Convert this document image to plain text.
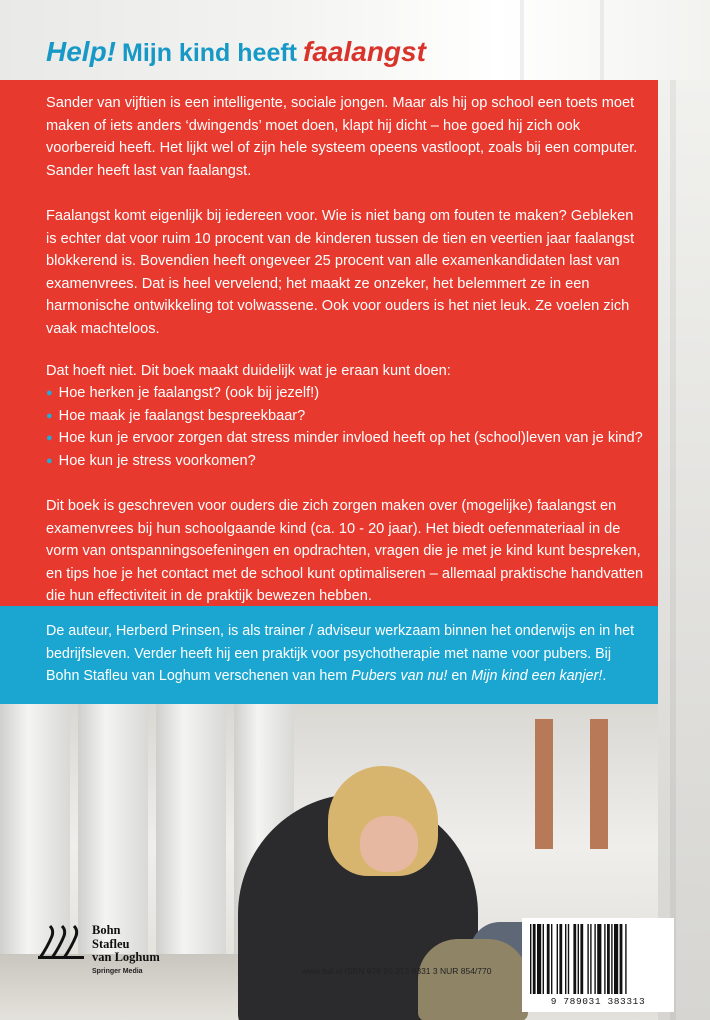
Help! Mijn kind heeft faalangst

Sander van vijftien is een intelligente, sociale jongen. Maar als hij op school een toets moet maken of iets anders ‘dwingends’ moet doen, klapt hij dicht – hoe goed hij zich ook voorbereid heeft. Het lijkt wel of zijn hele systeem opeens vastloopt, zoals bij een computer. Sander heeft last van faalangst.

Faalangst komt eigenlijk bij iedereen voor. Wie is niet bang om fouten te maken? Gebleken is echter dat voor ruim 10 procent van de kinderen tussen de tien en veertien jaar faalangst blokkerend is. Bovendien heeft ongeveer 25 procent van alle examenkandidaten last van examenvrees. Dat is heel vervelend; het maakt ze onzeker, het belemmert ze in een harmonische ontwikkeling tot volwassene. Ook voor ouders is het niet leuk. Ze voelen zich vaak machteloos.

Dat hoeft niet. Dit boek maakt duidelijk wat je eraan kunt doen:

● Hoe herken je faalangst? (ook bij jezelf!)
● Hoe maak je faalangst bespreekbaar?
● Hoe kun je ervoor zorgen dat stress minder invloed heeft op het (school)leven van je kind?
● Hoe kun je stress voorkomen?

Dit boek is geschreven voor ouders die zich zorgen maken over (mogelijke) faalangst en examenvrees bij hun schoolgaande kind (ca. 10 - 20 jaar). Het biedt oefenmateriaal in de vorm van ontspanningsoefeningen en opdrachten, vragen die je met je kind kunt bespreken, en tips hoe je het contact met de school kunt optimaliseren – allemaal praktische handvatten die hun effectiviteit in de praktijk bewezen hebben.

De auteur, Herberd Prinsen, is als trainer / adviseur werkzaam binnen het onderwijs en in het bedrijfsleven. Verder heeft hij een praktijk voor psychotherapie met name voor pubers. Bij Bohn Stafleu van Loghum verschenen van hem Pubers van nu! en Mijn kind een kanjer!.

Bohn
Stafleu
van Loghum
Springer Media	www.bsl.nl ISBN 978 90 313 8331 3 NUR 854/770
9 789031 383313
